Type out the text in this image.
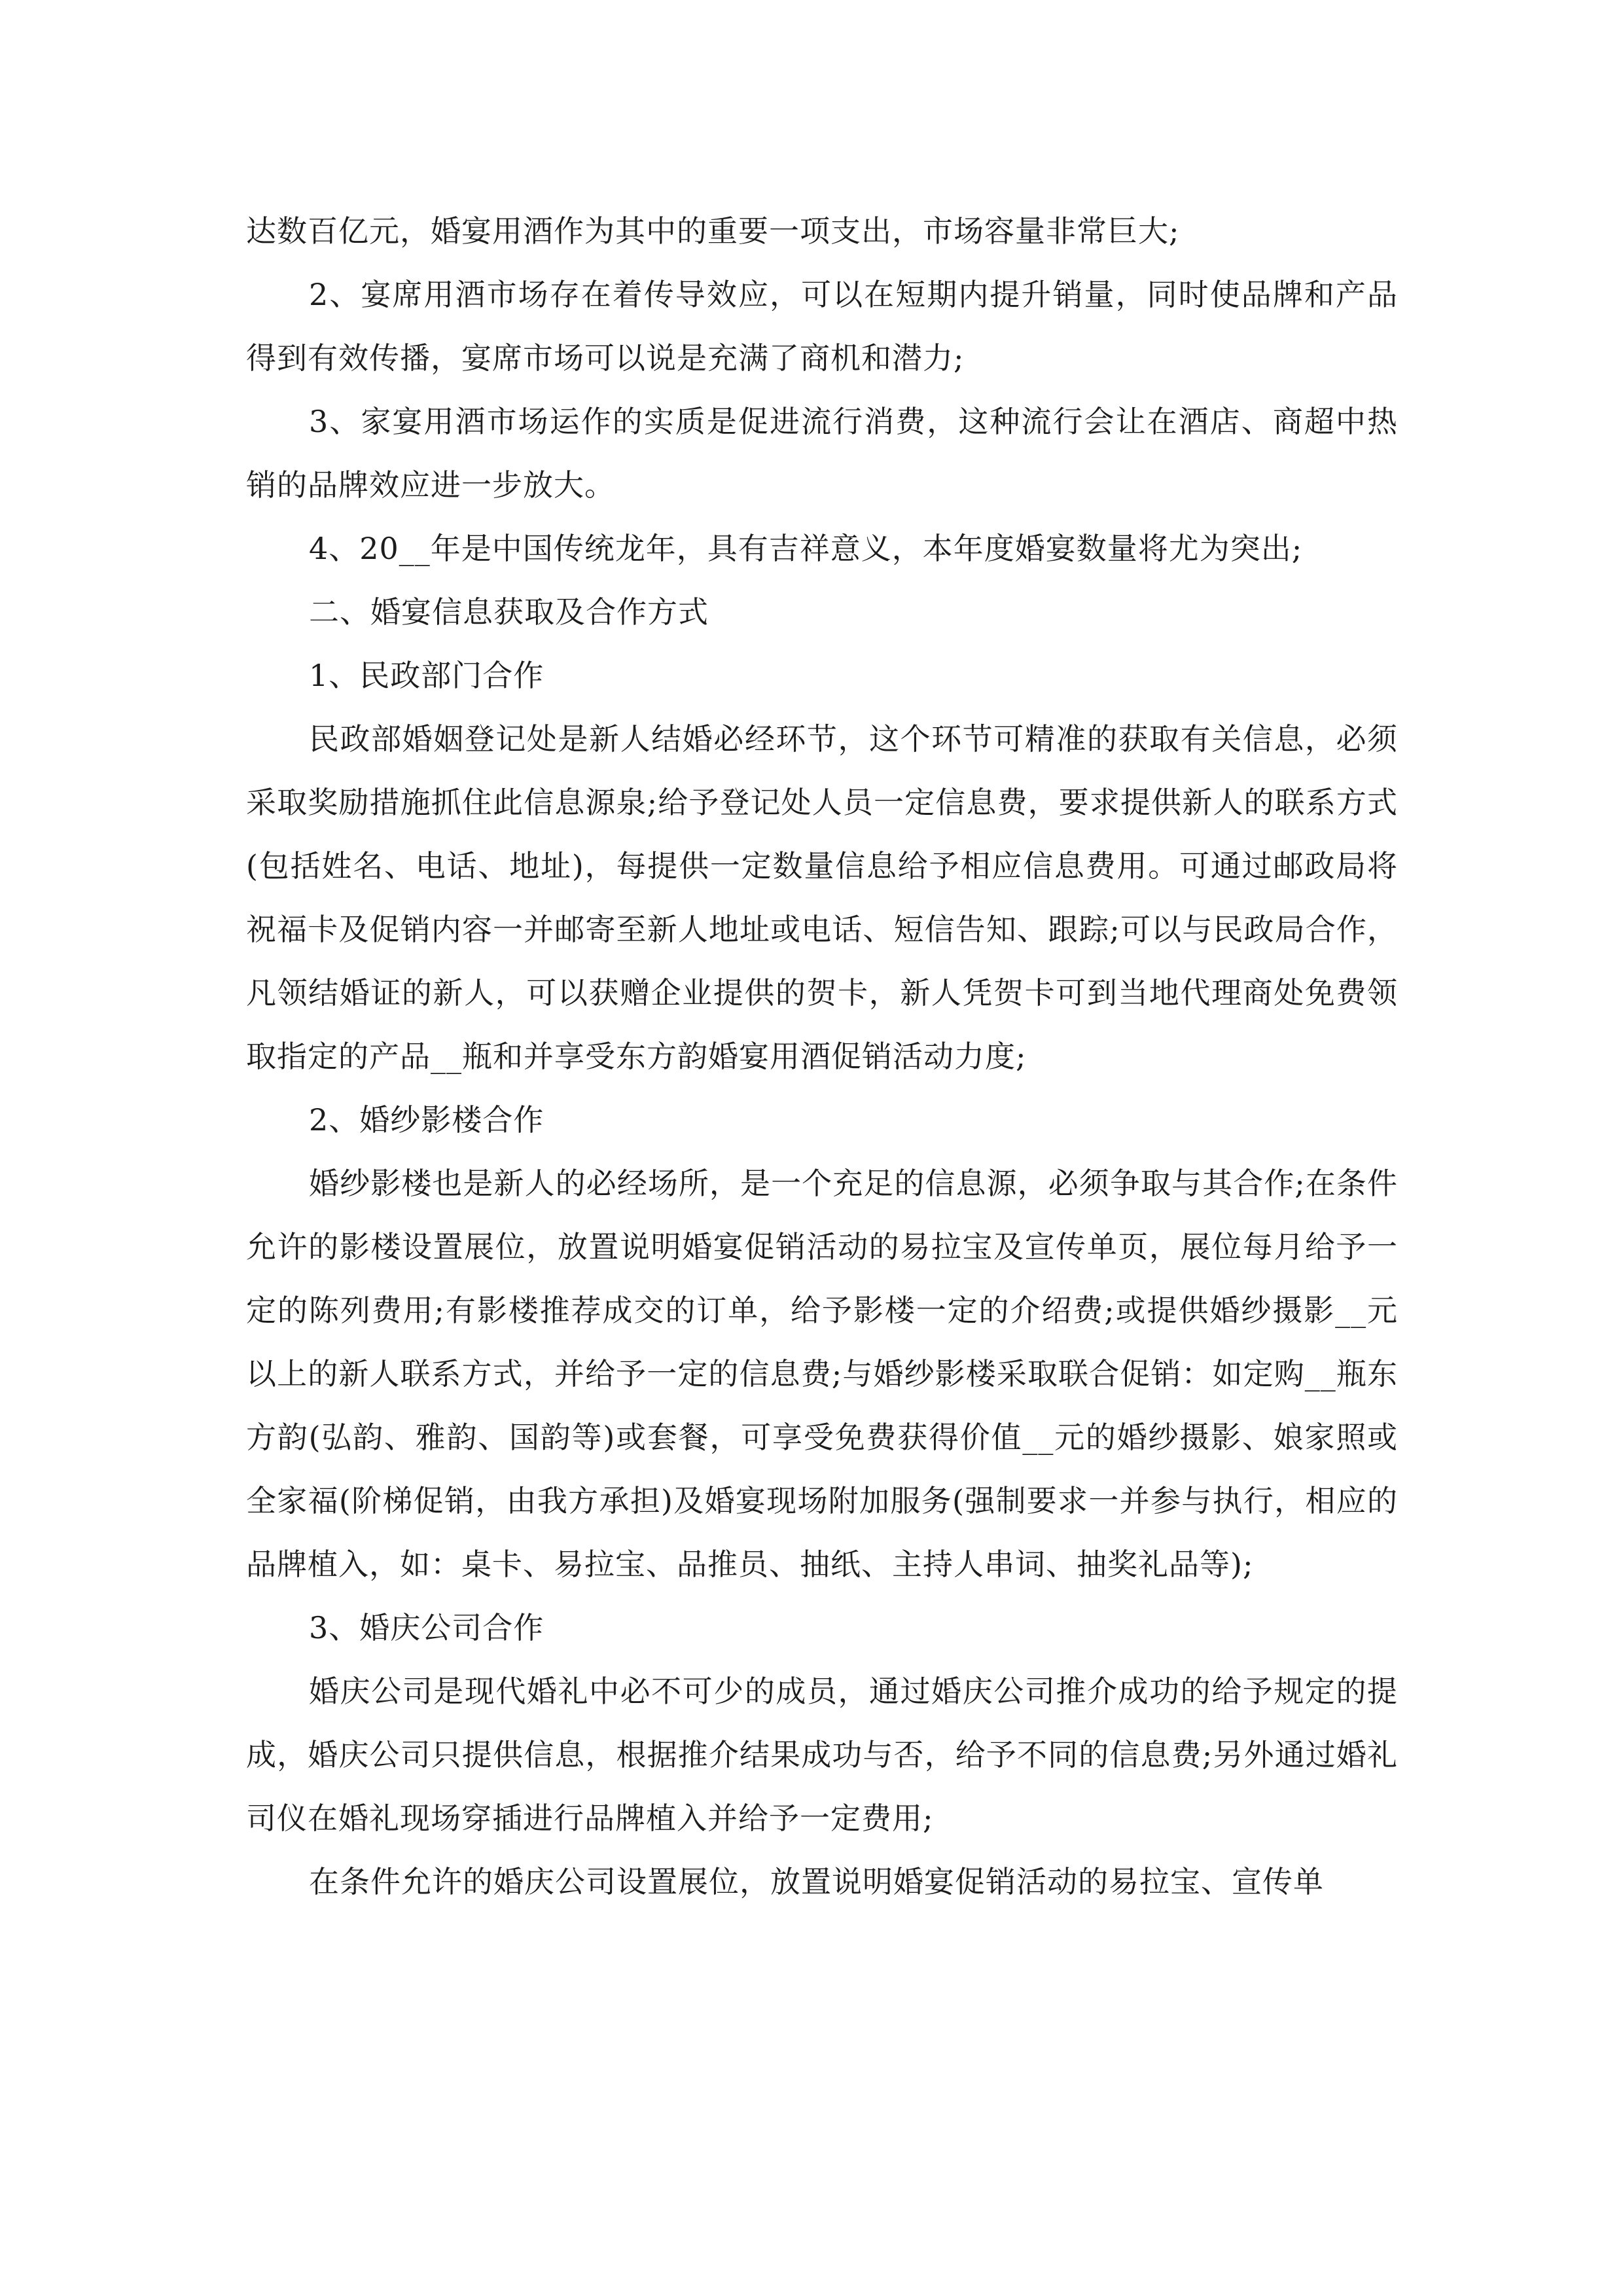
达数百亿元，婚宴用酒作为其中的重要一项支出，市场容量非常巨大;

2、宴席用酒市场存在着传导效应，可以在短期内提升销量，同时使品牌和产品得到有效传播，宴席市场可以说是充满了商机和潜力;

3、家宴用酒市场运作的实质是促进流行消费，这种流行会让在酒店、商超中热销的品牌效应进一步放大。

4、20__年是中国传统龙年，具有吉祥意义，本年度婚宴数量将尤为突出;

二、婚宴信息获取及合作方式

1、民政部门合作

民政部婚姻登记处是新人结婚必经环节，这个环节可精准的获取有关信息，必须采取奖励措施抓住此信息源泉;给予登记处人员一定信息费，要求提供新人的联系方式(包括姓名、电话、地址)，每提供一定数量信息给予相应信息费用。可通过邮政局将祝福卡及促销内容一并邮寄至新人地址或电话、短信告知、跟踪;可以与民政局合作，凡领结婚证的新人，可以获赠企业提供的贺卡，新人凭贺卡可到当地代理商处免费领取指定的产品__瓶和并享受东方韵婚宴用酒促销活动力度;

2、婚纱影楼合作

婚纱影楼也是新人的必经场所，是一个充足的信息源，必须争取与其合作;在条件允许的影楼设置展位，放置说明婚宴促销活动的易拉宝及宣传单页，展位每月给予一定的陈列费用;有影楼推荐成交的订单，给予影楼一定的介绍费;或提供婚纱摄影__元以上的新人联系方式，并给予一定的信息费;与婚纱影楼采取联合促销：如定购__瓶东方韵(弘韵、雅韵、国韵等)或套餐，可享受免费获得价值__元的婚纱摄影、娘家照或全家福(阶梯促销，由我方承担)及婚宴现场附加服务(强制要求一并参与执行，相应的品牌植入，如：桌卡、易拉宝、品推员、抽纸、主持人串词、抽奖礼品等);

3、婚庆公司合作

婚庆公司是现代婚礼中必不可少的成员，通过婚庆公司推介成功的给予规定的提成，婚庆公司只提供信息，根据推介结果成功与否，给予不同的信息费;另外通过婚礼司仪在婚礼现场穿插进行品牌植入并给予一定费用;

在条件允许的婚庆公司设置展位，放置说明婚宴促销活动的易拉宝、宣传单
